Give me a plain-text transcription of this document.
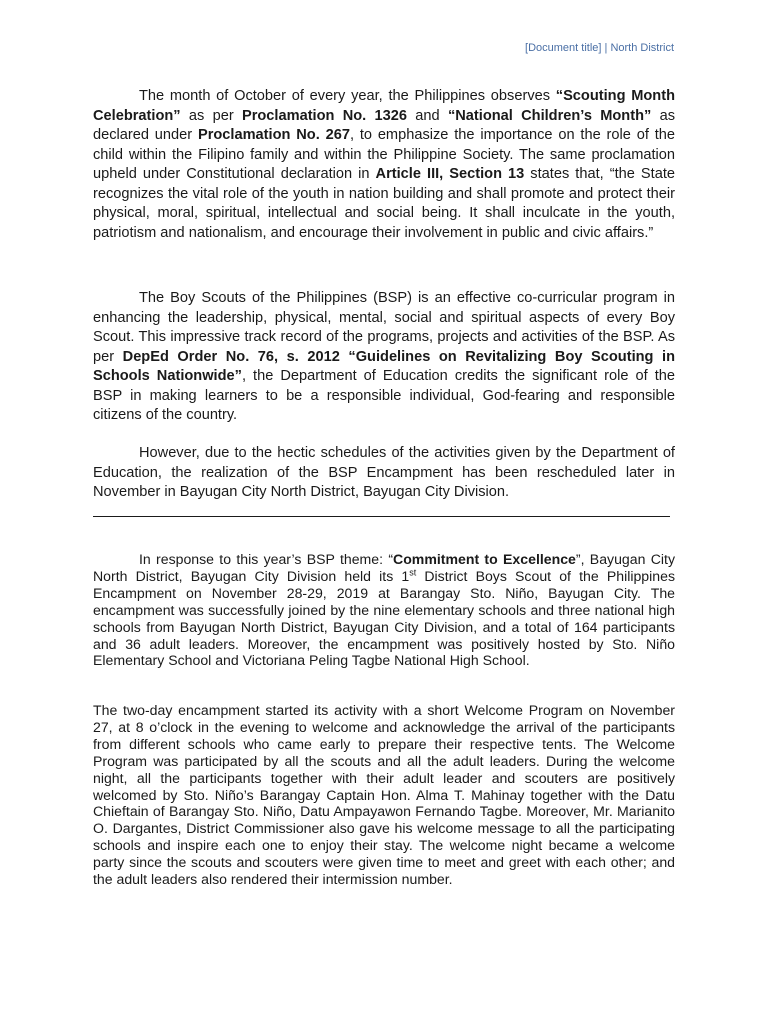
[Document title] | North District

The month of October of every year, the Philippines observes “Scouting Month Celebration” as per Proclamation No. 1326 and “National Children’s Month” as declared under Proclamation No. 267, to emphasize the importance on the role of the child within the Filipino family and within the Philippine Society. The same proclamation upheld under Constitutional declaration in Article III, Section 13 states that, “the State recognizes the vital role of the youth in nation building and shall promote and protect their physical, moral, spiritual, intellectual and social being. It shall inculcate in the youth, patriotism and nationalism, and encourage their involvement in public and civic affairs.”

The Boy Scouts of the Philippines (BSP) is an effective co-curricular program in enhancing the leadership, physical, mental, social and spiritual aspects of every Boy Scout. This impressive track record of the programs, projects and activities of the BSP. As per DepEd Order No. 76, s. 2012 “Guidelines on Revitalizing Boy Scouting in Schools Nationwide”, the Department of Education credits the significant role of the BSP in making learners to be a responsible individual, God-fearing and responsible citizens of the country.

However, due to the hectic schedules of the activities given by the Department of Education, the realization of the BSP Encampment has been rescheduled later in November in Bayugan City North District, Bayugan City Division.

In response to this year’s BSP theme: “Commitment to Excellence”, Bayugan City North District, Bayugan City Division held its 1st District Boys Scout of the Philippines Encampment on November 28-29, 2019 at Barangay Sto. Niño, Bayugan City. The encampment was successfully joined by the nine elementary schools and three national high schools from Bayugan North District, Bayugan City Division, and a total of 164 participants and 36 adult leaders. Moreover, the encampment was positively hosted by Sto. Niño Elementary School and Victoriana Peling Tagbe National High School.

The two-day encampment started its activity with a short Welcome Program on November 27, at 8 o’clock in the evening to welcome and acknowledge the arrival of the participants from different schools who came early to prepare their respective tents. The Welcome Program was participated by all the scouts and all the adult leaders. During the welcome night, all the participants together with their adult leader and scouters are positively welcomed by Sto. Niño’s Barangay Captain Hon. Alma T. Mahinay together with the Datu Chieftain of Barangay Sto. Niño, Datu Ampayawon Fernando Tagbe. Moreover, Mr. Marianito O. Dargantes, District Commissioner also gave his welcome message to all the participating schools and inspire each one to enjoy their stay. The welcome night became a welcome party since the scouts and scouters were given time to meet and greet with each other; and the adult leaders also rendered their intermission number.
